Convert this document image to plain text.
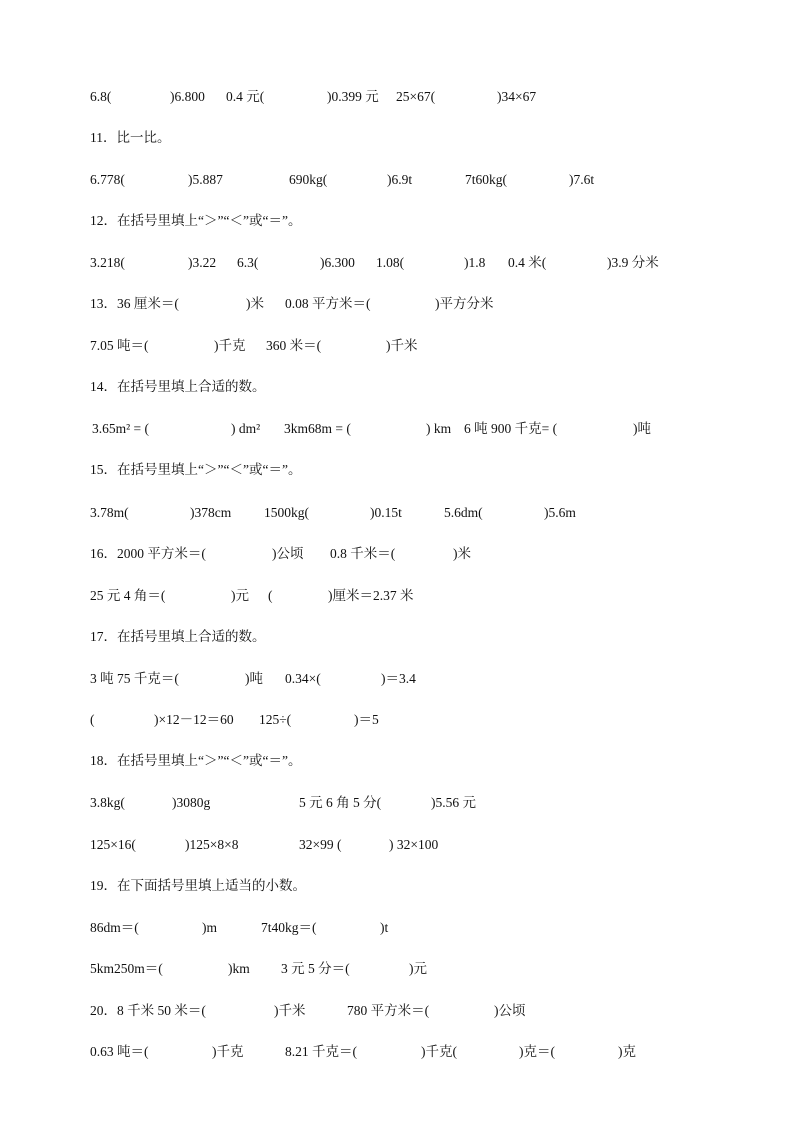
6.8(	)6.800 0.4 元(	)0.399 元 25×67(	)34×67
11．比一比。
6.778(	)5.887	690kg(	)6.9t	7t60kg(	)7.6t
12．在括号里填上“＞”“＜”或“＝”。
3.218(	)3.22 6.3(	)6.300 1.08(	)1.8 0.4 米(	)3.9 分米
13．36 厘米＝(	)米 0.08 平方米＝(	)平方分米
7.05 吨＝(	)千克 360 米＝(	)千米
14．在括号里填上合适的数。
3.65m² = (	) dm² 3km68m = (	) km 6 吨 900 千克= (	)吨
15．在括号里填上“＞”“＜”或“＝”。
3.78m(	)378cm 1500kg(	)0.15t	5.6dm(	)5.6m
16．2000 平方米＝(	)公顷 0.8 千米＝(	)米
25 元 4 角＝(	)元 (	)厘米＝2.37 米
17．在括号里填上合适的数。
3 吨 75 千克＝(	)吨 0.34×(	)＝3.4
(	)×12－12＝60 125÷(	)＝5
18．在括号里填上“＞”“＜”或“＝”。
3.8kg(	)3080g	5 元 6 角 5 分(	)5.56 元
125×16(	)125×8×8	32×99 (	) 32×100
19．在下面括号里填上适当的小数。
86dm＝(	)m	7t40kg＝(	)t
5km250m＝(	)km 3 元 5 分＝(	)元
20．8 千米 50 米＝(	)千米	780 平方米＝(	)公顷
0.63 吨＝(	)千克	8.21 千克＝(	)千克(	)克＝(	)克
